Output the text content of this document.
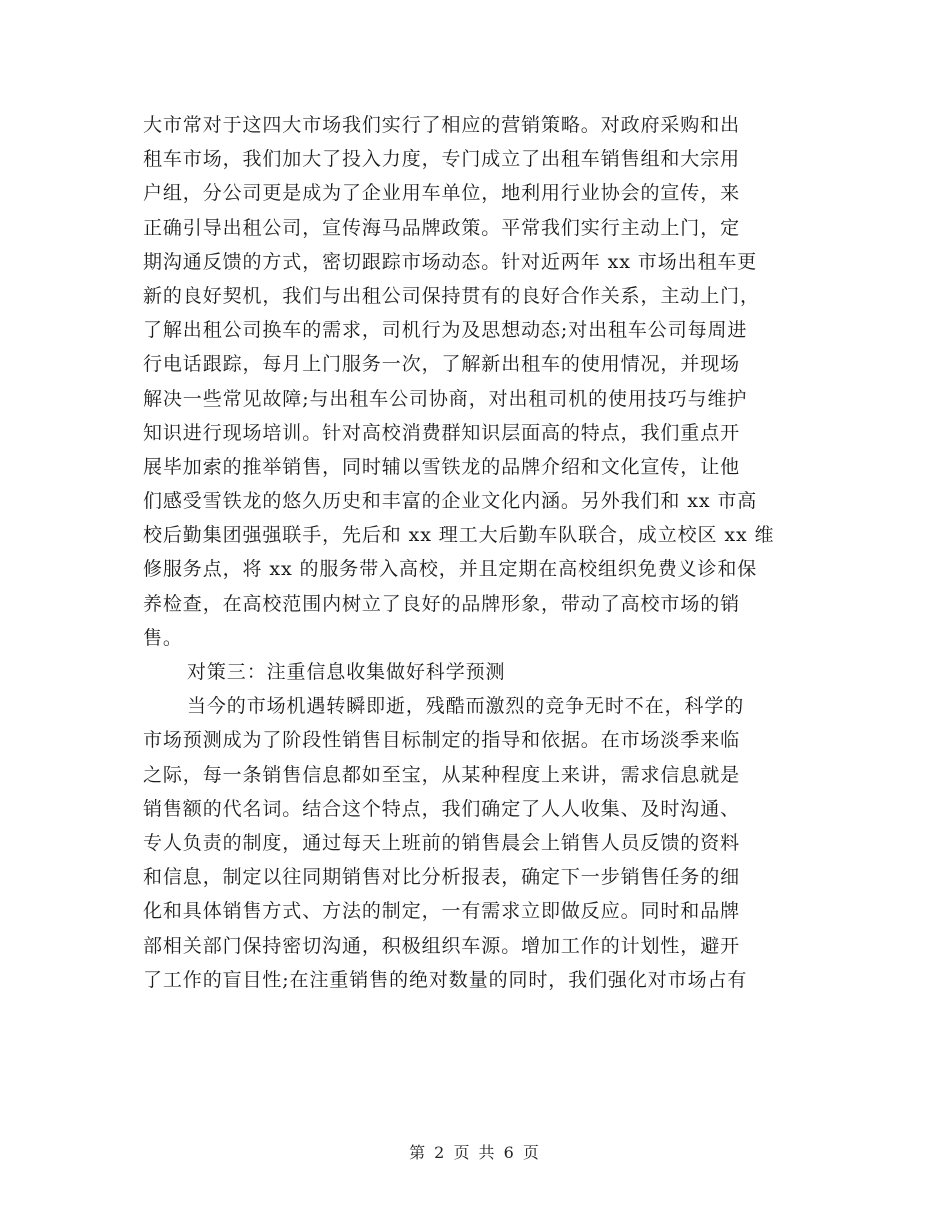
大市常对于这四大市场我们实行了相应的营销策略。对政府采购和出
租车市场，我们加大了投入力度，专门成立了出租车销售组和大宗用
户组，分公司更是成为了企业用车单位，地利用行业协会的宣传，来
正确引导出租公司，宣传海马品牌政策。平常我们实行主动上门，定
期沟通反馈的方式，密切跟踪市场动态。针对近两年 xx 市场出租车更
新的良好契机，我们与出租公司保持贯有的良好合作关系，主动上门，
了解出租公司换车的需求，司机行为及思想动态;对出租车公司每周进
行电话跟踪，每月上门服务一次，了解新出租车的使用情况，并现场
解决一些常见故障;与出租车公司协商，对出租司机的使用技巧与维护
知识进行现场培训。针对高校消费群知识层面高的特点，我们重点开
展毕加索的推举销售，同时辅以雪铁龙的品牌介绍和文化宣传，让他
们感受雪铁龙的悠久历史和丰富的企业文化内涵。另外我们和 xx 市高
校后勤集团强强联手，先后和 xx 理工大后勤车队联合，成立校区 xx 维
修服务点，将 xx 的服务带入高校，并且定期在高校组织免费义诊和保
养检查，在高校范围内树立了良好的品牌形象，带动了高校市场的销
售。
对策三：注重信息收集做好科学预测
当今的市场机遇转瞬即逝，残酷而激烈的竞争无时不在，科学的
市场预测成为了阶段性销售目标制定的指导和依据。在市场淡季来临
之际，每一条销售信息都如至宝，从某种程度上来讲，需求信息就是
销售额的代名词。结合这个特点，我们确定了人人收集、及时沟通、
专人负责的制度，通过每天上班前的销售晨会上销售人员反馈的资料
和信息，制定以往同期销售对比分析报表，确定下一步销售任务的细
化和具体销售方式、方法的制定，一有需求立即做反应。同时和品牌
部相关部门保持密切沟通，积极组织车源。增加工作的计划性，避开
了工作的盲目性;在注重销售的绝对数量的同时，我们强化对市场占有
第 2 页 共 6 页
